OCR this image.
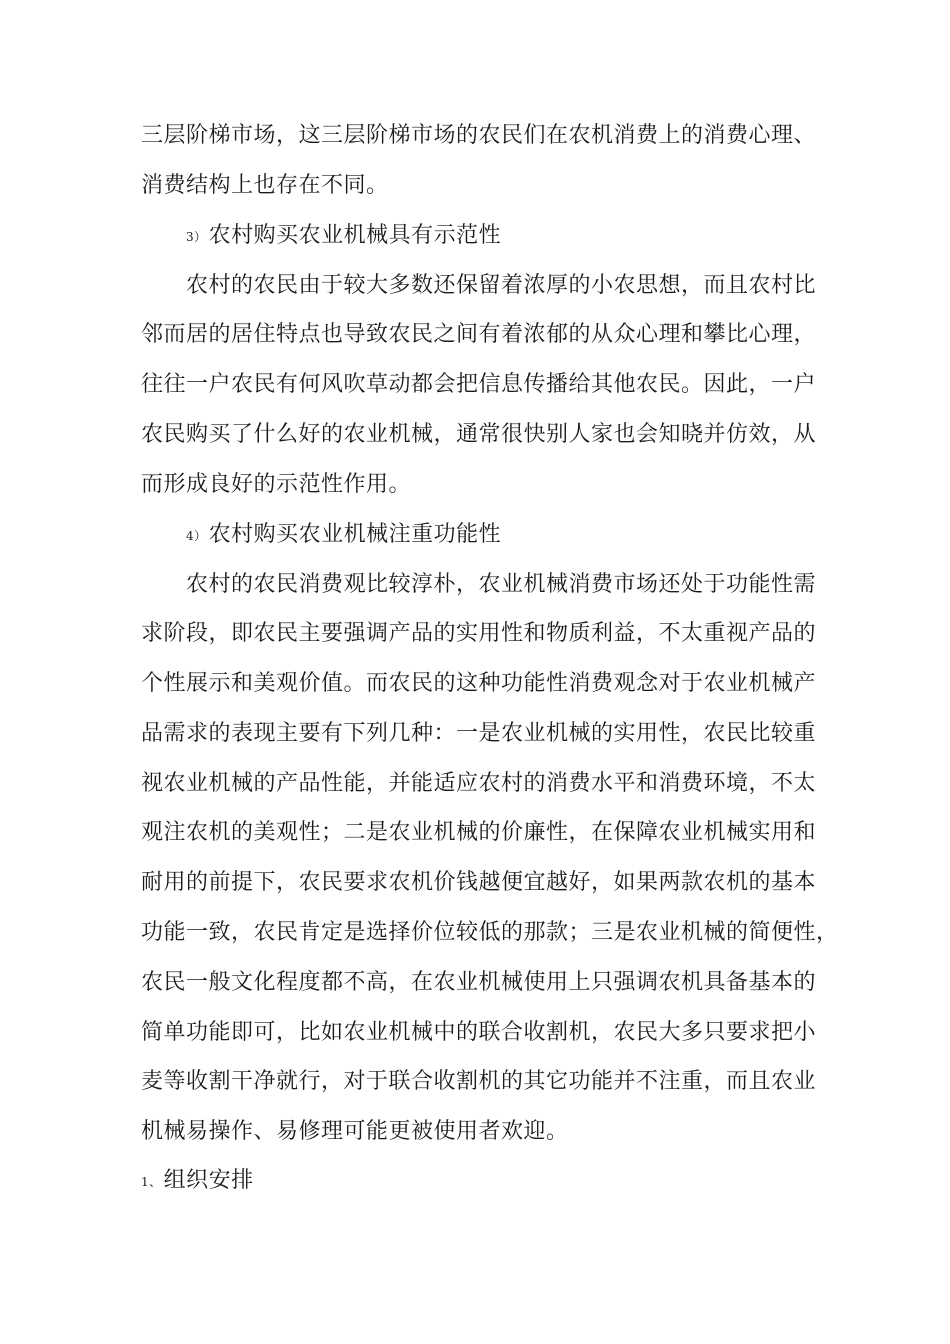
三层阶梯市场，这三层阶梯市场的农民们在农机消费上的消费心理、
消费结构上也存在不同。
3）农村购买农业机械具有示范性
农村的农民由于较大多数还保留着浓厚的小农思想，而且农村比
邻而居的居住特点也导致农民之间有着浓郁的从众心理和攀比心理，
往往一户农民有何风吹草动都会把信息传播给其他农民。因此，一户
农民购买了什么好的农业机械，通常很快别人家也会知晓并仿效，从
而形成良好的示范性作用。
4）农村购买农业机械注重功能性
农村的农民消费观比较淳朴，农业机械消费市场还处于功能性需
求阶段，即农民主要强调产品的实用性和物质利益，不太重视产品的
个性展示和美观价值。而农民的这种功能性消费观念对于农业机械产
品需求的表现主要有下列几种：一是农业机械的实用性，农民比较重
视农业机械的产品性能，并能适应农村的消费水平和消费环境，不太
观注农机的美观性；二是农业机械的价廉性，在保障农业机械实用和
耐用的前提下，农民要求农机价钱越便宜越好，如果两款农机的基本
功能一致，农民肯定是选择价位较低的那款；三是农业机械的简便性，
农民一般文化程度都不高，在农业机械使用上只强调农机具备基本的
简单功能即可，比如农业机械中的联合收割机，农民大多只要求把小
麦等收割干净就行，对于联合收割机的其它功能并不注重，而且农业
机械易操作、易修理可能更被使用者欢迎。
1、组织安排
